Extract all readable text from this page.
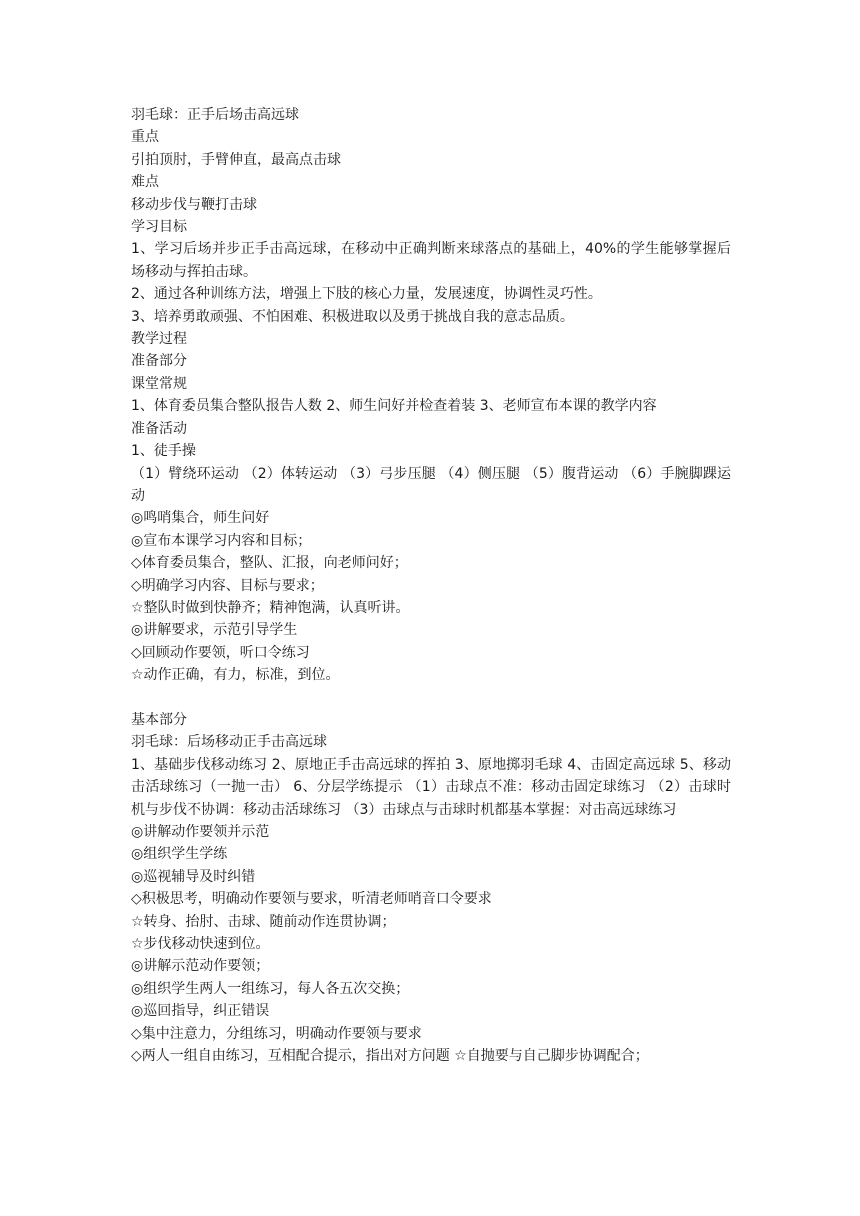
羽毛球：正手后场击高远球

重点

引拍顶肘，手臂伸直，最高点击球

难点

移动步伐与鞭打击球

学习目标

1、学习后场并步正手击高远球，在移动中正确判断来球落点的基础上，40%的学生能够掌握后场移动与挥拍击球。

2、通过各种训练方法，增强上下肢的核心力量，发展速度，协调性灵巧性。

3、培养勇敢顽强、不怕困难、积极进取以及勇于挑战自我的意志品质。

教学过程

准备部分

课堂常规

1、体育委员集合整队报告人数 2、师生问好并检查着装 3、老师宣布本课的教学内容

准备活动

1、徒手操

（1）臂绕环运动 （2）体转运动 （3）弓步压腿 （4）侧压腿 （5）腹背运动 （6）手腕脚踝运动

◎鸣哨集合，师生问好

◎宣布本课学习内容和目标；

◇体育委员集合，整队、汇报，向老师问好；

◇明确学习内容、目标与要求；

☆整队时做到快静齐；精神饱满，认真听讲。

◎讲解要求，示范引导学生

◇回顾动作要领，听口令练习

☆动作正确，有力，标准，到位。

基本部分

羽毛球：后场移动正手击高远球

1、基础步伐移动练习 2、原地正手击高远球的挥拍 3、原地掷羽毛球 4、击固定高远球 5、移动击活球练习（一抛一击） 6、分层学练提示 （1）击球点不准：移动击固定球练习 （2）击球时机与步伐不协调：移动击活球练习 （3）击球点与击球时机都基本掌握：对击高远球练习

◎讲解动作要领并示范

◎组织学生学练

◎巡视辅导及时纠错

◇积极思考，明确动作要领与要求，听清老师哨音口令要求

☆转身、抬肘、击球、随前动作连贯协调；

☆步伐移动快速到位。

◎讲解示范动作要领；

◎组织学生两人一组练习，每人各五次交换；

◎巡回指导，纠正错误

◇集中注意力，分组练习，明确动作要领与要求

◇两人一组自由练习，互相配合提示，指出对方问题 ☆自抛要与自己脚步协调配合；
